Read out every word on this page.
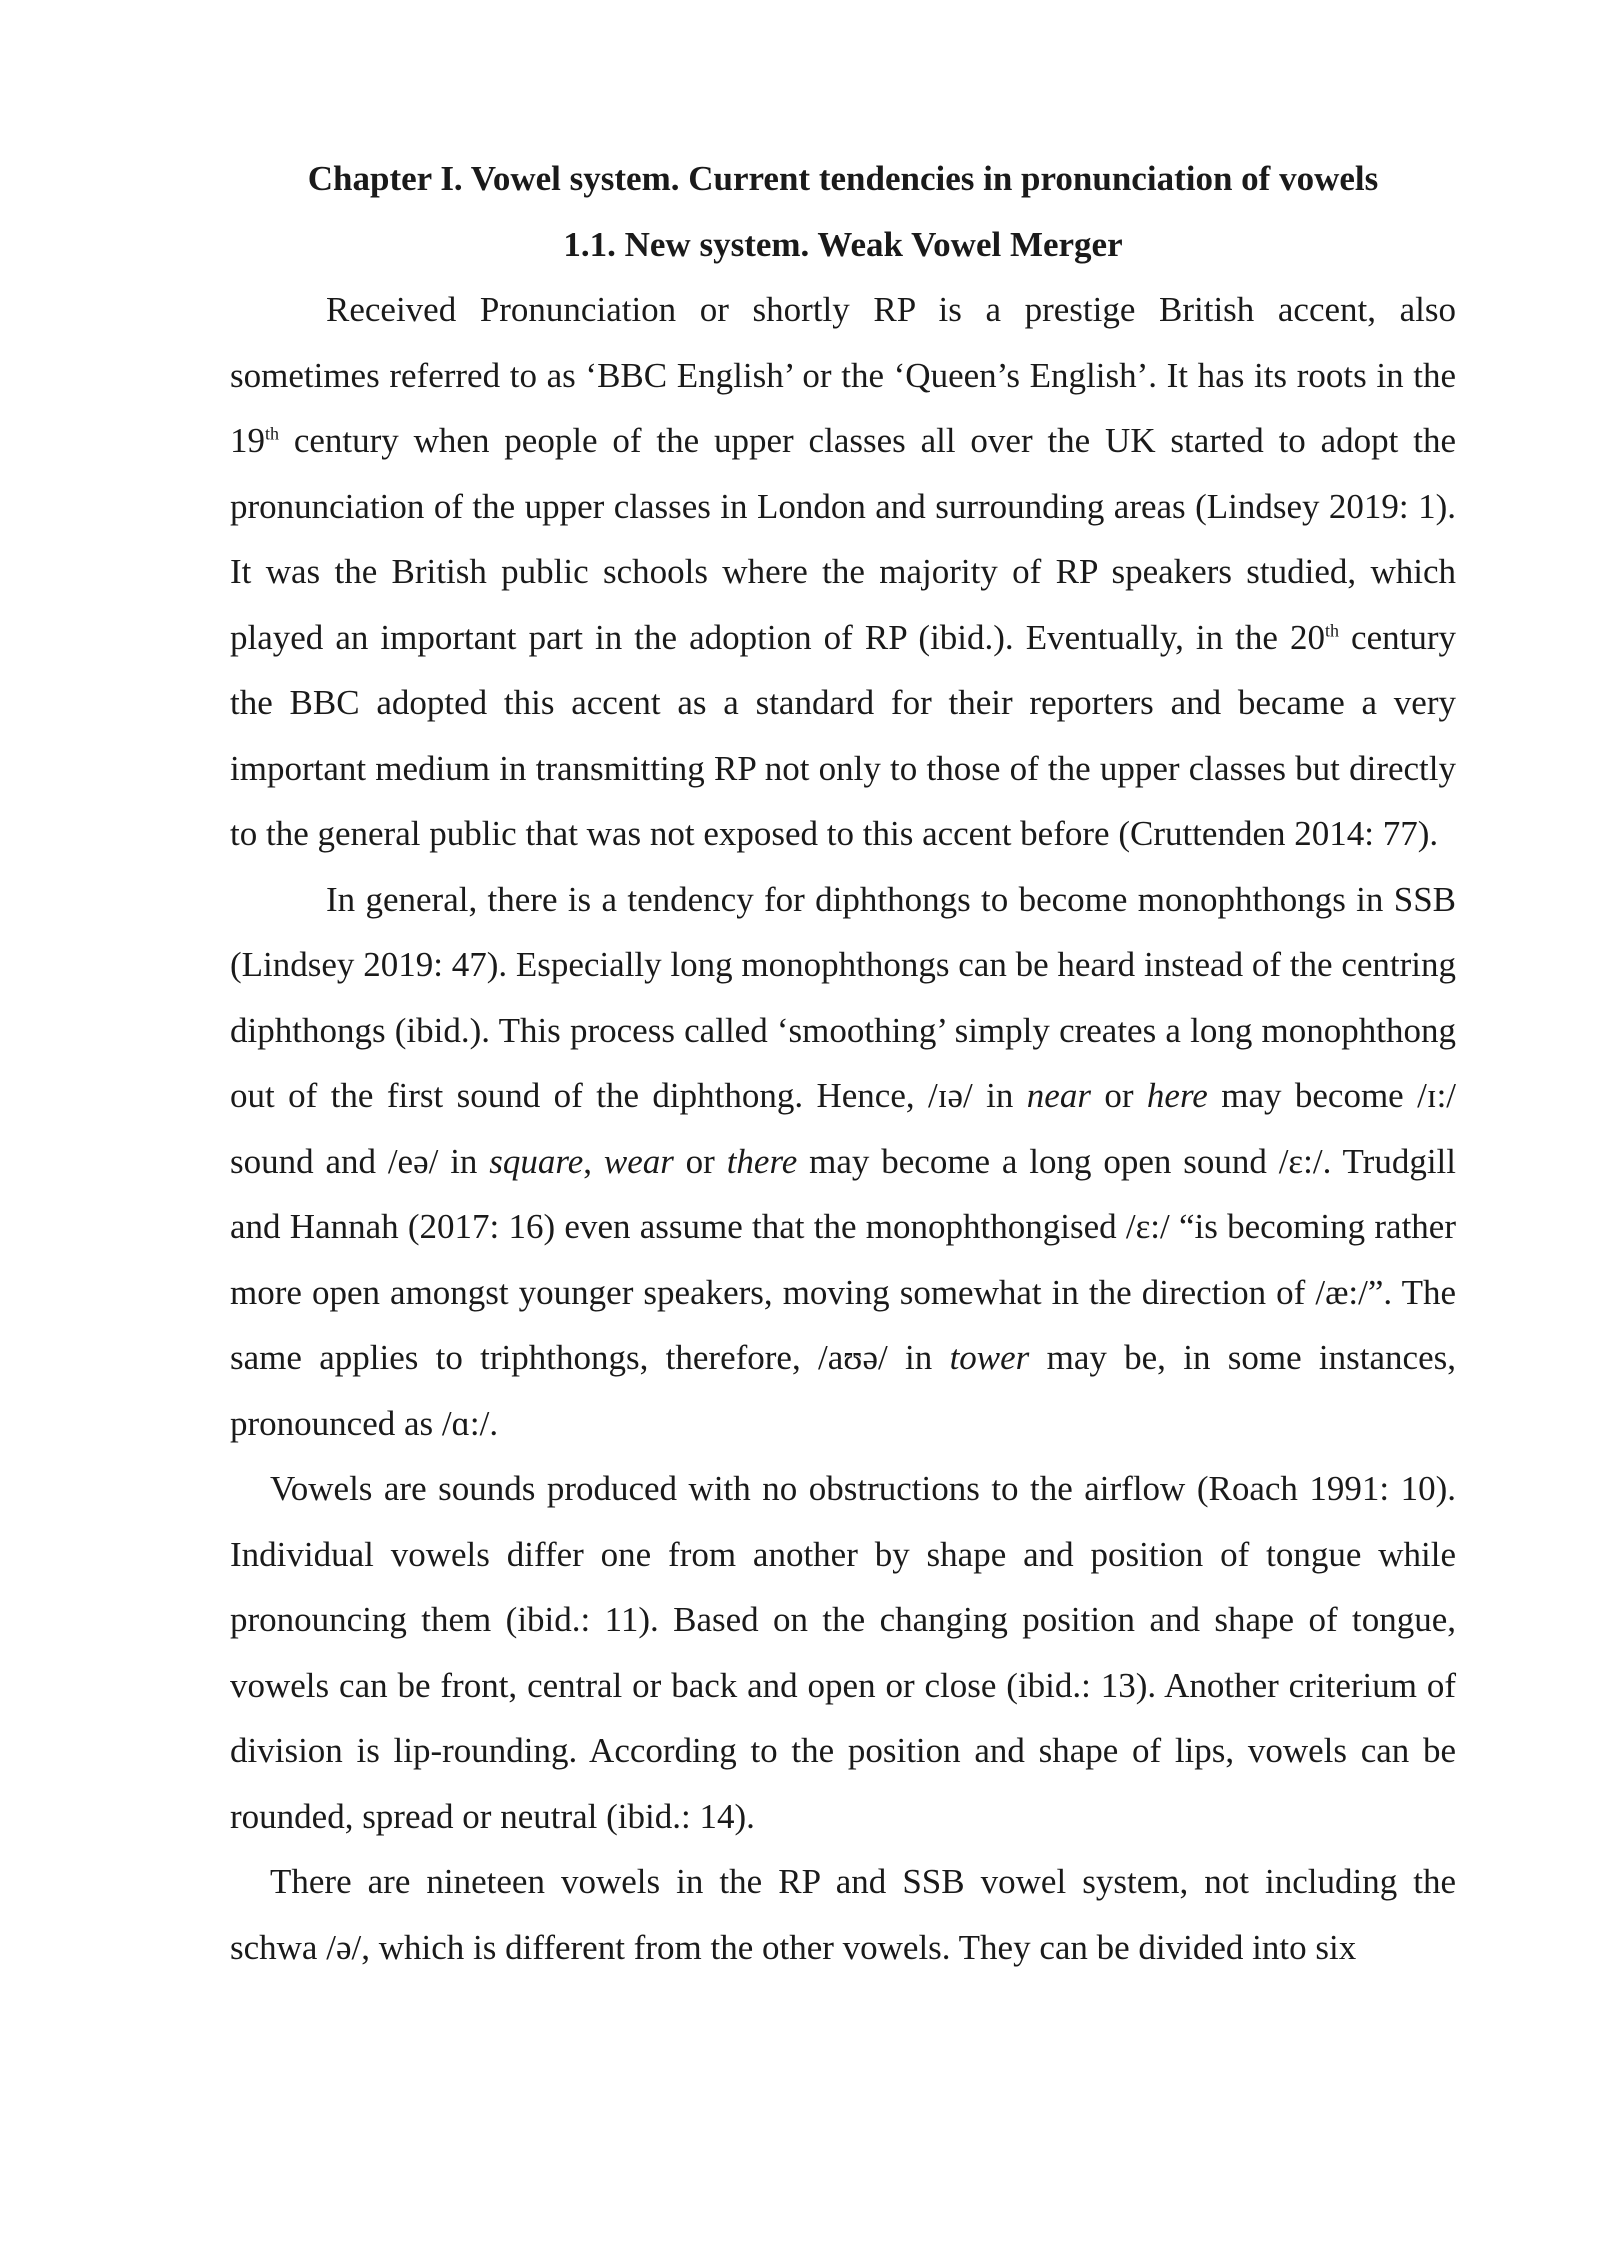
Chapter I. Vowel system. Current tendencies in pronunciation of vowels

1.1. New system. Weak Vowel Merger

Received Pronunciation or shortly RP is a prestige British accent, also sometimes referred to as ‘BBC English’ or the ‘Queen’s English’. It has its roots in the 19th century when people of the upper classes all over the UK started to adopt the pronunciation of the upper classes in London and surrounding areas (Lindsey 2019: 1). It was the British public schools where the majority of RP speakers studied, which played an important part in the adoption of RP (ibid.). Eventually, in the 20th century the BBC adopted this accent as a standard for their reporters and became a very important medium in transmitting RP not only to those of the upper classes but directly to the general public that was not exposed to this accent before (Cruttenden 2014: 77).

In general, there is a tendency for diphthongs to become monophthongs in SSB (Lindsey 2019: 47). Especially long monophthongs can be heard instead of the centring diphthongs (ibid.). This process called ‘smoothing’ simply creates a long monophthong out of the first sound of the diphthong. Hence, /ɪə/ in near or here may become /ɪ:/ sound and /eə/ in square, wear or there may become a long open sound /ɛ:/. Trudgill and Hannah (2017: 16) even assume that the monophthongised /ɛ:/ “is becoming rather more open amongst younger speakers, moving somewhat in the direction of /æ:/”. The same applies to triphthongs, therefore, /aʊə/ in tower may be, in some instances, pronounced as /ɑ:/.

Vowels are sounds produced with no obstructions to the airflow (Roach 1991: 10). Individual vowels differ one from another by shape and position of tongue while pronouncing them (ibid.: 11). Based on the changing position and shape of tongue, vowels can be front, central or back and open or close (ibid.: 13). Another criterium of division is lip-rounding. According to the position and shape of lips, vowels can be rounded, spread or neutral (ibid.: 14).

There are nineteen vowels in the RP and SSB vowel system, not including the schwa /ə/, which is different from the other vowels. They can be divided into six
